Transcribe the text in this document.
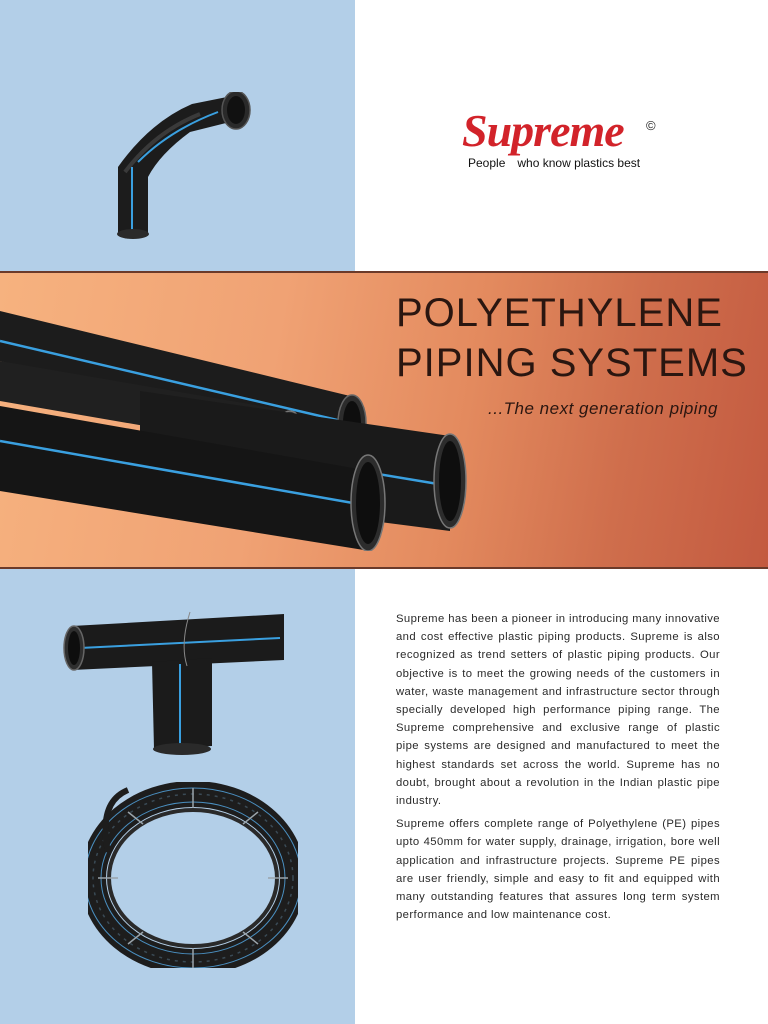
Supreme ©
People who know plastics best
POLYETHYLENE
PIPING SYSTEMS
...The next generation piping

Supreme has been a pioneer in introducing many innovative and cost effective plastic piping products. Supreme is also recognized as trend setters of plastic piping products. Our objective is to meet the growing needs of the customers in water, waste management and infrastructure sector through specially developed high performance piping range. The Supreme comprehensive and exclusive range of plastic pipe systems are designed and manufactured to meet the highest standards set across the world. Supreme has no doubt, brought about a revolution in the Indian plastic pipe industry.

Supreme offers complete range of Polyethylene (PE) pipes upto 450mm for water supply, drainage, irrigation, bore well application and infrastructure projects. Supreme PE pipes are user friendly, simple and easy to fit and equipped with many outstanding features that assures long term system performance and low maintenance cost.
